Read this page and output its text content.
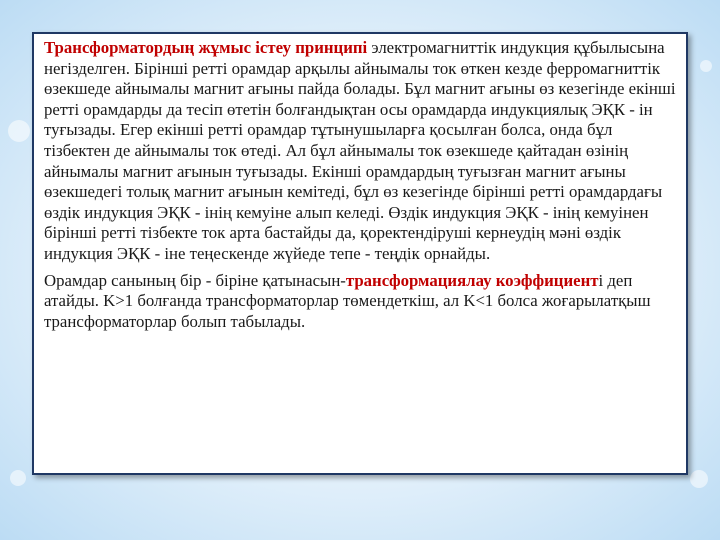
Трансформатордың жұмыс істеу принципі электромагниттік индукция құбылысына негізделген. Бірінші ретті орамдар арқылы айнымалы ток өткен кезде ферромагниттік өзекшеде айнымалы магнит ағыны пайда болады. Бұл магнит ағыны өз кезегінде екінші ретті орамдарды да тесіп өтетін болғандықтан осы орамдарда индукциялық ЭҚК - ін туғызады. Егер екінші ретті орамдар тұтынушыларға қосылған болса, онда бұл тізбектен де айнымалы ток өтеді. Ал бұл айнымалы ток өзекшеде қайтадан өзінің айнымалы магнит ағынын туғызады. Екінші орамдардың туғызған магнит ағыны өзекшедегі толық магнит ағынын кемітеді, бұл өз кезегінде бірінші ретті орамдардағы өздік индукция ЭҚК - інің кемуіне алып келеді. Өздік индукция ЭҚК - інің кемуінен бірінші ретті тізбекте ток арта бастайды да, қоректендіруші кернеудің мәні өздік индукция ЭҚК - іне теңескенде жүйеде тепе - теңдік орнайды.

Орамдар санының бір - біріне қатынасын-трансформациялау коэффициенті деп атайды. K>1 болғанда трансформаторлар төмендеткіш, ал K<1 болса жоғарылатқыш трансформаторлар болып табылады.
